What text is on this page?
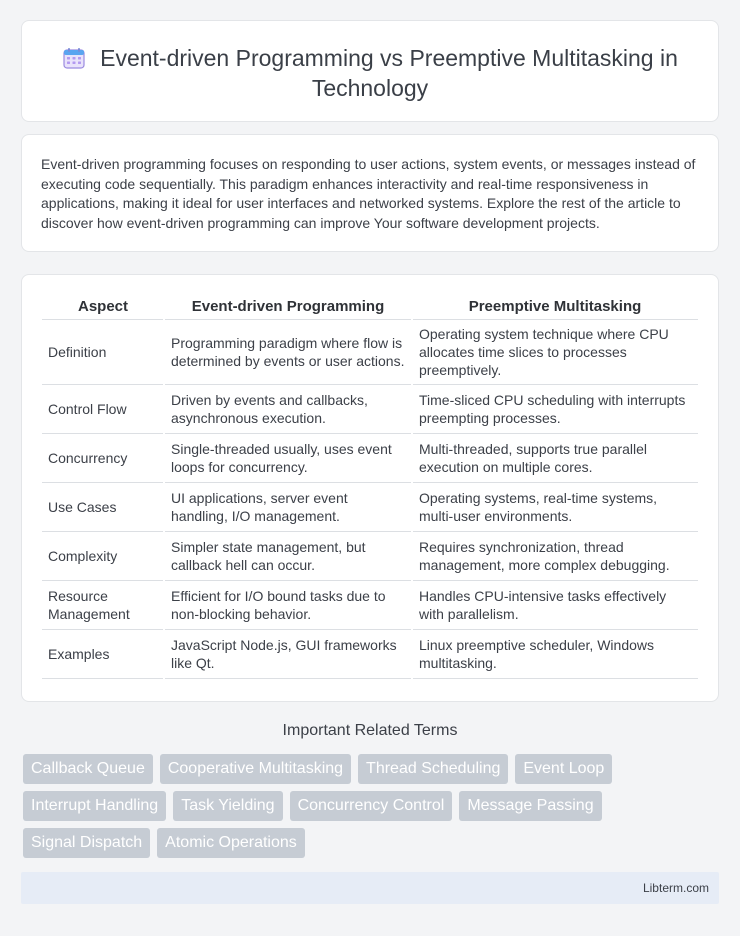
Event-driven Programming vs Preemptive Multitasking in Technology

Event-driven programming focuses on responding to user actions, system events, or messages instead of executing code sequentially. This paradigm enhances interactivity and real-time responsiveness in applications, making it ideal for user interfaces and networked systems. Explore the rest of the article to discover how event-driven programming can improve Your software development projects.

Aspect	Event-driven Programming	Preemptive Multitasking
Definition	Programming paradigm where flow is determined by events or user actions.	Operating system technique where CPU allocates time slices to processes preemptively.
Control Flow	Driven by events and callbacks, asynchronous execution.	Time-sliced CPU scheduling with interrupts preempting processes.
Concurrency	Single-threaded usually, uses event loops for concurrency.	Multi-threaded, supports true parallel execution on multiple cores.
Use Cases	UI applications, server event handling, I/O management.	Operating systems, real-time systems, multi-user environments.
Complexity	Simpler state management, but callback hell can occur.	Requires synchronization, thread management, more complex debugging.
Resource Management	Efficient for I/O bound tasks due to non-blocking behavior.	Handles CPU-intensive tasks effectively with parallelism.
Examples	JavaScript Node.js, GUI frameworks like Qt.	Linux preemptive scheduler, Windows multitasking.
Important Related Terms
Callback Queue	Cooperative Multitasking	Thread Scheduling	Event Loop
Interrupt Handling	Task Yielding	Concurrency Control	Message Passing
Signal Dispatch	Atomic Operations
Libterm.com
